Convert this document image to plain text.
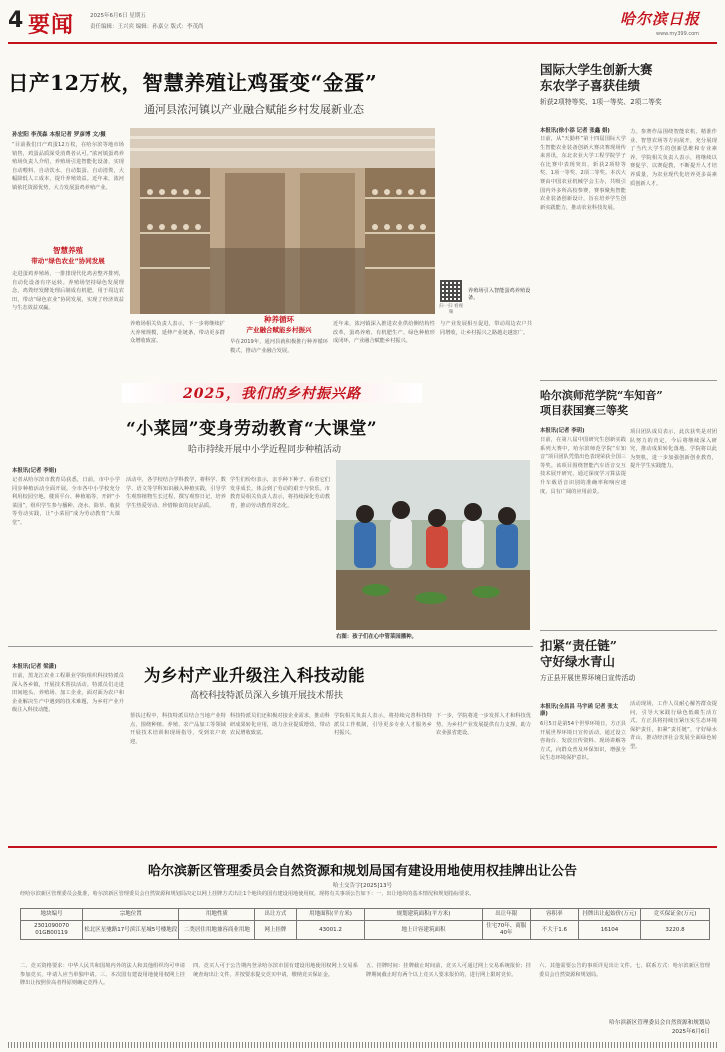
4 要闻	2025年6月6日 星期五
责任编辑：王兴宾 编辑：孙嘉立 版式：李茂尚	哈尔滨日报
www.my399.com
日产12万枚，智慧养殖让鸡蛋变“金蛋”
通河县浓河镇以产业融合赋能乡村发展新业态
孙宏阳 李茂森 本报记者 罗彦博 文/摄
“目前我们日产鸡蛋12万枚，在哈尔滨等地市场销售，鸡蛋品质深受消费者认可。”浓河镇蛋鸡养殖场负责人介绍，养殖场引进智能化设备，实现自动喂料、自动饮水、自动集蛋、自动清粪，大幅降低人工成本，提升养殖效益。近年来，浓河镇依托资源优势，大力发展蛋鸡养殖产业。
智慧养殖
带动“绿色农业”协同发展
走进蛋鸡养殖场，一排排现代化鸡舍整齐排列，自动化设备有序运转。养殖场坚持绿色发展理念，鸡粪经发酵处理后制成有机肥，用于周边农田，带动“绿色农业”协同发展，实现了经济效益与生态效益双赢。
养殖场相关负责人表示，下一步将继续扩大养殖规模，延伸产业链条，带动更多群众增收致富。
种养循环
产业融合赋能乡村振兴
早在2019年，通河县就积极推行种养循环模式，推动产业融合发展。
近年来，浓河镇深入推进农业供给侧结构性改革，蛋鸡养殖、有机肥生产、绿色种植形成闭环，产业融合赋能乡村振兴。
扫一扫 看视频
养殖场引入智能蛋鸡养殖设备。
与产业发展相互促进，带动周边农户共同增收，让乡村振兴之路越走越宽广。
2025，我们的乡村振兴路
国际大学生创新大赛
东农学子喜获佳绩
斩获2项特等奖、1项一等奖、2项二等奖
本报讯(徐小添 记者 张鑫 娟)
日前，从“天勤杯”第十四届国际大学生智能农业装备创新大赛决赛现场传来喜讯，东北农业大学工程学院学子在比赛中表现突出，斩获2项特等奖、1项一等奖、2项二等奖。本次大赛由中国农业机械学会主办，共吸引国内外多所高校参赛，赛事聚焦智能农业装备创新设计，旨在培养学生创新实践能力，推动农业科技发展。
力。参赛作品围绕智能农机、精准作业、智慧农场等方向展开，充分展现了当代大学生的创新思维和专业素养。学院相关负责人表示，将继续以赛促学、以赛促教，不断提升人才培养质量，为农业现代化培养更多高素质创新人才。
哈尔滨师范学院“车知音”
项目获国赛三等奖
本报讯(记者 李玥)
日前，在第八届中国研究生创新实践系列大赛中，哈尔滨师范学院“车知音”项目团队凭借出色表现荣获全国三等奖。该项目围绕智能汽车语音交互技术展开研究，通过深度学习算法提升车载语音识别的准确率和响应速度，具有广阔的应用前景。
项目团队成员表示，此次获奖是对团队努力的肯定，今后将继续深入研究，推动成果转化落地。学院将以此为契机，进一步加强创新创业教育，提升学生实践能力。
扣紧“责任链”
守好绿水青山
方正县开展世界环境日宣传活动
本报讯(全昌昌 马宇函 记者 张太康)
6月5日是第54个世界环境日，方正县开展世界环境日宣传活动，通过设立咨询台、发放宣传资料、现场讲解等方式，向群众普及环保知识，增强全民生态环境保护意识。
活动现场，工作人员耐心解答群众提问，引导大家践行绿色低碳生活方式。方正县将持续压紧压实生态环境保护责任，扣紧“责任链”，守好绿水青山，推动经济社会发展全面绿色转型。
“小菜园”变身劳动教育“大课堂”
哈市持续开展中小学近程同步种植活动
本报讯(记者 李娟)
记者从哈尔滨市教育局获悉，日前，市中小学同步种植活动全面开展。全市各中小学校充分利用校园空地、楼顶平台、种植箱等，开辟“小菜园”，组织学生参与播种、浇水、除草、收获等劳动实践，让“小菜园”成为劳动教育“大课堂”。
活动中，各学校结合学科教学，将科学、数学、语文等学科知识融入种植实践，引导学生观察植物生长过程，撰写观察日记，培养学生热爱劳动、珍惜粮食的良好品质。
学生们纷纷表示，亲手种下种子、看着它们发芽成长，体会到了劳动的艰辛与快乐。市教育局相关负责人表示，将持续深化劳动教育，推动劳动教育常态化。
右图：孩子们在心中管菜园播种。
为乡村产业升级注入科技动能
高校科技特派员深入乡镇开展技术帮扶
本报讯(记者 梁潇)
日前，黑龙江农业工程职业学院组织科技特派员深入各乡镇，开展技术帮扶活动。特派员们走进田间地头、养殖场、加工企业，面对面为农户和企业解决生产中遇到的技术难题，为乡村产业升级注入科技动能。
帮扶过程中，科技特派员结合当地产业特点，围绕种植、养殖、农产品加工等领域开展技术培训和现场指导，受到农户欢迎。
科技特派员们还积极对接企业需求，推动科研成果转化应用，助力企业提质增效，带动农民增收致富。
学院相关负责人表示，将持续完善科技特派员工作机制，引导更多专业人才服务乡村振兴。
下一步，学院将进一步发挥人才和科技优势，为乡村产业发展提供有力支撑，助力农业强省建设。
哈尔滨新区管理委员会自然资源和规划局国有建设用地使用权挂牌出让公告
哈土交告字[2025]13号
经哈尔滨新区管理委员会批准，哈尔滨新区管理委员会自然资源和规划局决定以网上挂牌方式出让1个地块的国有建设用地使用权。现将有关事项公告如下：一、出让地块的基本情况和规划指标要求。
地块编号	宗地位置	用地性质	出让方式	用地面积(平方米)	规划建筑面积(平方米)	出让年限	容积率	挂牌出让起始价(万元)	竞买保证金(万元)
2301090070 01GB00119	松北区星驰路17号滨江星城5号楼地段	二类居住用地兼容商业用地	网上挂牌	43001.2	地上计容建筑面积	住宅70年、商服40年	不大于1.6	16104	3220.8
二、竞买资格要求：中华人民共和国境内外的法人和其他组织均可申请参加竞买，申请人应当单独申请。三、本次国有建设用地使用权网上挂牌出让按照价高者得原则确定竞得人。
四、竞买人可于公告期内登录哈尔滨市国有建设用地使用权网上交易系统查询出让文件，并按要求提交竞买申请，缴纳竞买保证金。
五、挂牌时间：挂牌截止时间前，竞买人可通过网上交易系统报价；挂牌期间截止时有两个以上竞买人要求报价的，进行网上限时竞价。
六、其他需要公告的事项详见出让文件。七、联系方式：哈尔滨新区管理委员会自然资源和规划局。
哈尔滨新区管理委员会自然资源和规划局
2025年6月6日
